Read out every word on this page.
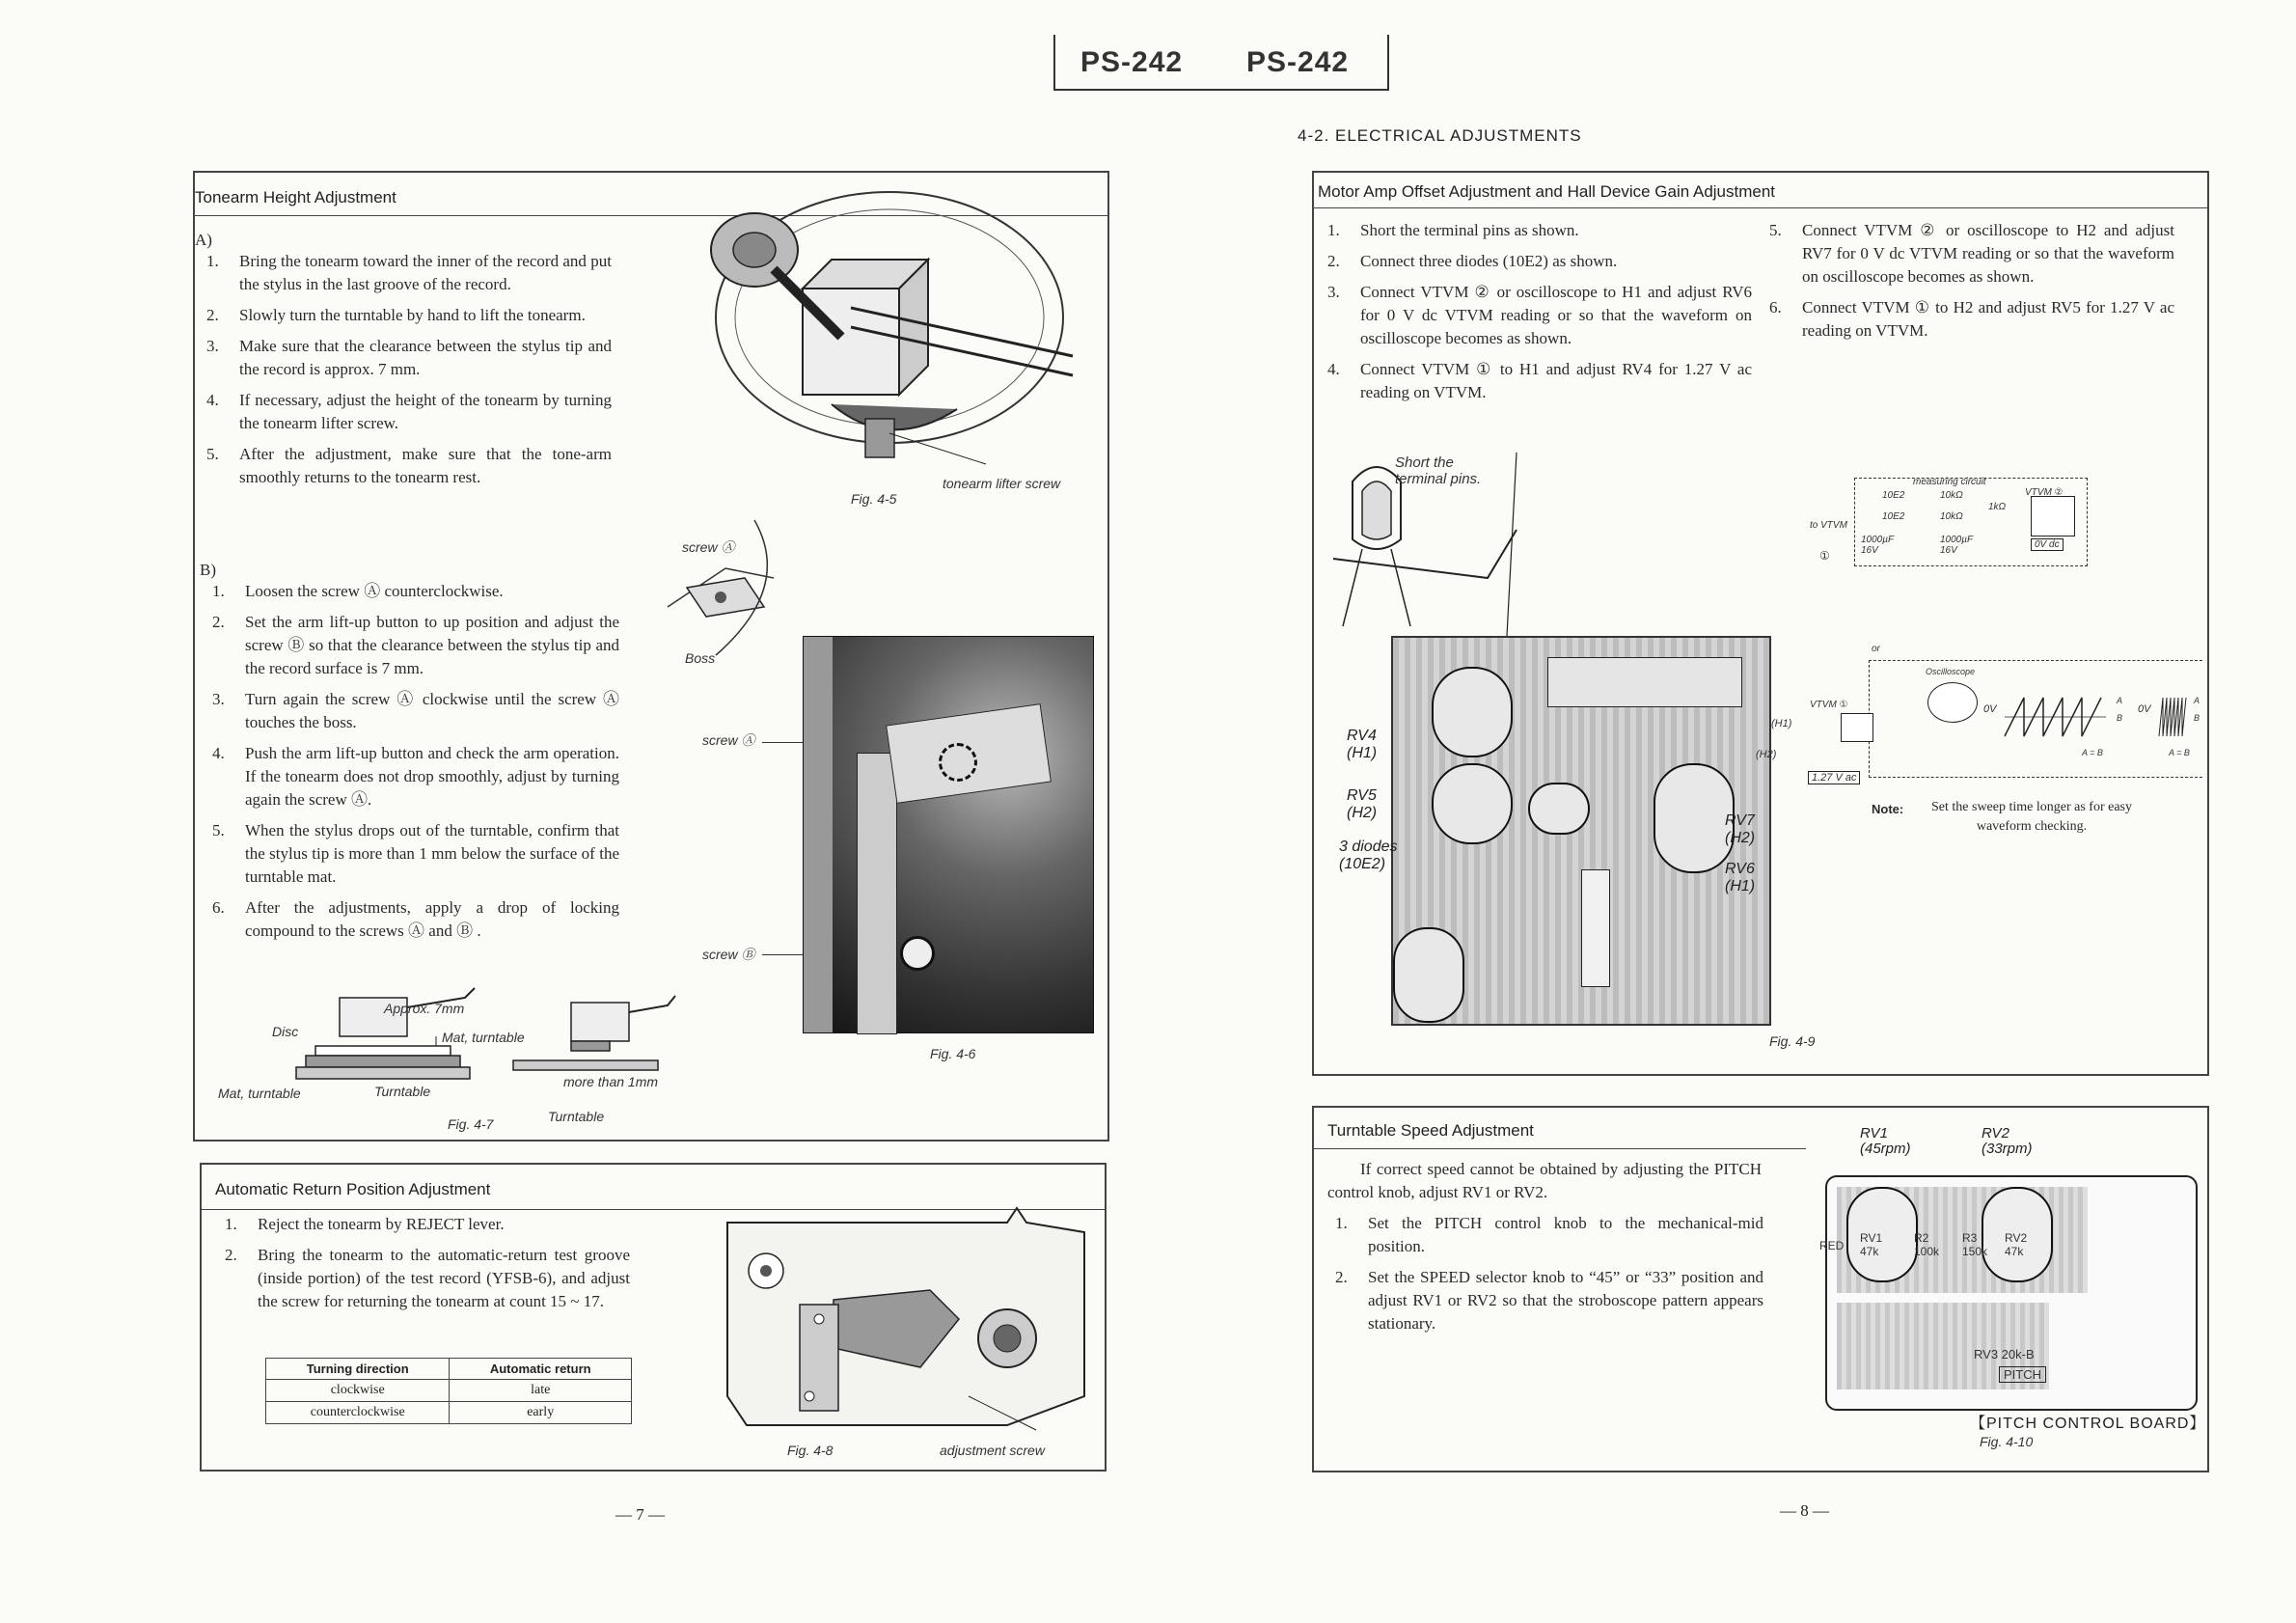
PS-242 PS-242
4-2. ELECTRICAL ADJUSTMENTS
Tonearm Height Adjustment
A)
1.	Bring the tonearm toward the inner of the record and put the stylus in the last groove of the record.
2.	Slowly turn the turntable by hand to lift the tonearm.
3.	Make sure that the clearance between the stylus tip and the record is approx. 7 mm.
4.	If necessary, adjust the height of the tonearm by turning the tonearm lifter screw.
5.	After the adjustment, make sure that the tone-arm smoothly returns to the tonearm rest.
B)
1.	Loosen the screw Ⓐ counterclockwise.
2.	Set the arm lift-up button to up position and adjust the screw Ⓑ so that the clearance between the stylus tip and the record surface is 7 mm.
3.	Turn again the screw Ⓐ clockwise until the screw Ⓐ touches the boss.
4.	Push the arm lift-up button and check the arm operation. If the tonearm does not drop smoothly, adjust by turning again the screw Ⓐ.
5.	When the stylus drops out of the turntable, confirm that the stylus tip is more than 1 mm below the surface of the turntable mat.
6.	After the adjustments, apply a drop of locking compound to the screws Ⓐ and Ⓑ .
Fig. 4-5
tonearm lifter screw
screw Ⓐ
Boss
screw Ⓐ
screw Ⓑ
Fig. 4-6
Approx. 7mm
Disc
Mat, turntable	Turntable
Mat, turntable
more than 1mm
Turntable
Fig. 4-7
Automatic Return Position Adjustment
1.	Reject the tonearm by REJECT lever.
2.	Bring the tonearm to the automatic-return test groove (inside portion) of the test record (YFSB-6), and adjust the screw for returning the tonearm at count 15 ~ 17.
Turning direction	Automatic return
clockwise	late
counterclockwise	early
Fig. 4-8	adjustment screw
— 7 —
Motor Amp Offset Adjustment and Hall Device Gain Adjustment
1.	Short the terminal pins as shown.
2.	Connect three diodes (10E2) as shown.
3.	Connect VTVM ② or oscilloscope to H1 and adjust RV6 for 0 V dc VTVM reading or so that the waveform on oscilloscope becomes as shown.
4.	Connect VTVM ① to H1 and adjust RV4 for 1.27 V ac reading on VTVM.
5.	Connect VTVM ② or oscilloscope to H2 and adjust RV7 for 0 V dc VTVM reading or so that the waveform on oscilloscope becomes as shown.
6.	Connect VTVM ① to H2 and adjust RV5 for 1.27 V ac reading on VTVM.
Short the terminal pins.
RV4
(H1)
RV5
(H2)
3 diodes
(10E2)
RV7
(H2)
RV6
(H1)
(H1)
(H2)
measuring circuit
10E2	10kΩ
1kΩ
10E2	10kΩ
1000µF 16V
1000µF 16V
0V dc
VTVM ②
to VTVM
①
or
Oscilloscope
0V
A
B
A = B
0V
A
B
A = B
VTVM ①
1.27 V ac
Note:	Set the sweep time longer as for easy waveform checking.
Fig. 4-9
Turntable Speed Adjustment
If correct speed cannot be obtained by adjusting the PITCH control knob, adjust RV1 or RV2.
1.	Set the PITCH control knob to the mechanical-mid position.
2.	Set the SPEED selector knob to “45” or “33” position and adjust RV1 or RV2 so that the stroboscope pattern appears stationary.
RV1
(45rpm)
RV2
(33rpm)
RV1 47k
R2 100k
R3 150k
RV2 47k
RED
RV3 20k-B
PITCH
【PITCH CONTROL BOARD】
Fig. 4-10
— 8 —
